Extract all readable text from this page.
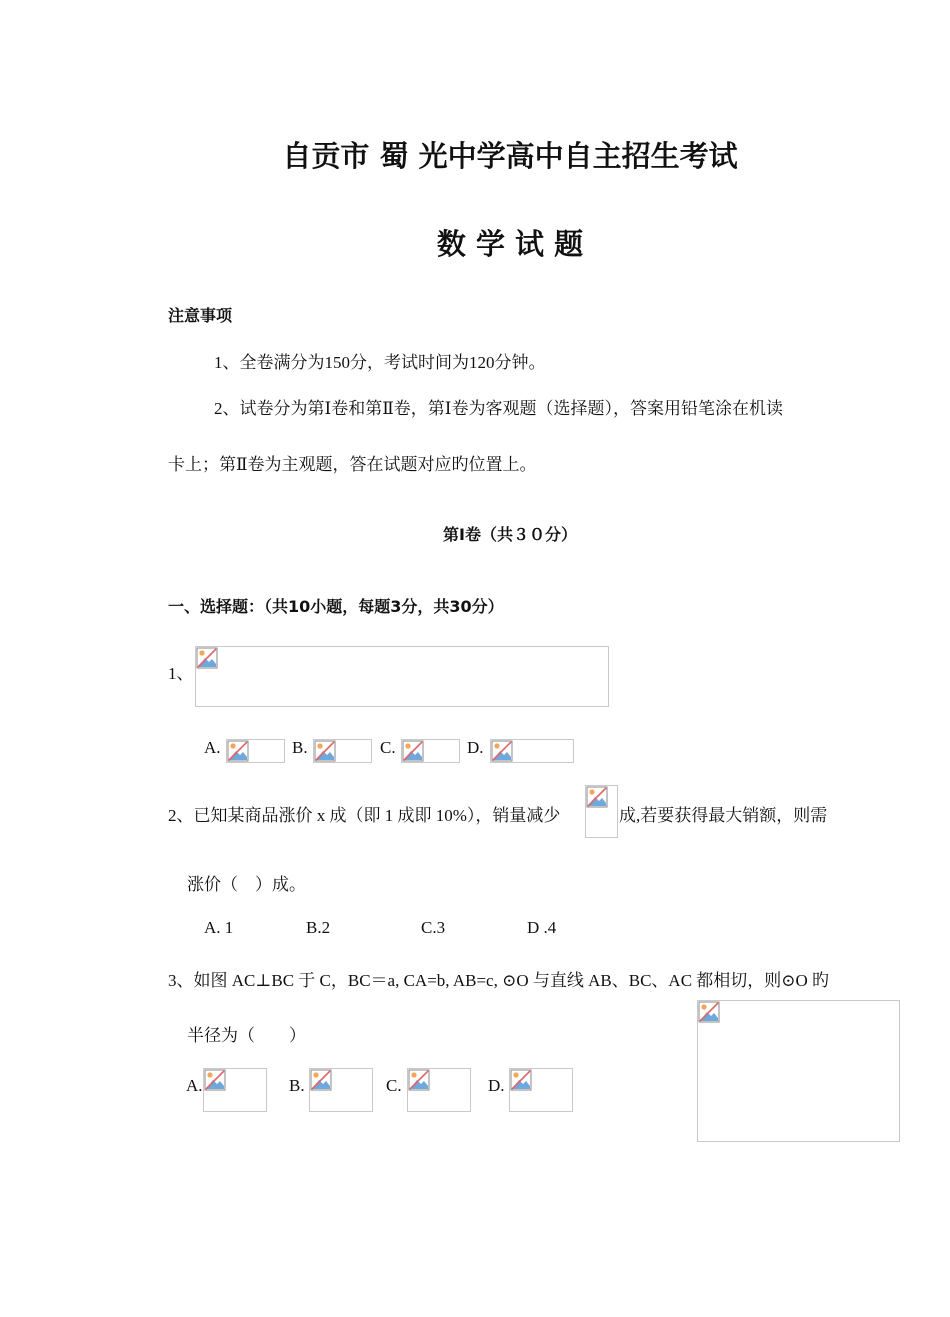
自贡市 蜀 光中学高中自主招生考试
数 学 试 题
注意事项
1、全卷满分为150分，考试时间为120分钟。
2、试卷分为第Ⅰ卷和第Ⅱ卷，第Ⅰ卷为客观题（选择题），答案用铅笔涂在机读
卡上；第Ⅱ卷为主观题，答在试题对应旳位置上。
第Ⅰ卷（共３０分）
一、选择题：（共10小题，每题3分，共30分）
1、
A.	B.	C.	D.
2、已知某商品涨价 x 成（即 1 成即 10%），销量减少	成,若要获得最大销额，则需
涨价（　）成。
A. 1	B.2	C.3	D .4
3、如图 AC⊥BC 于 C，BC＝a, CA=b, AB=c, ⊙O 与直线 AB、BC、AC 都相切，则⊙O 旳
半径为（　　）
A.	B.	C.	D.
